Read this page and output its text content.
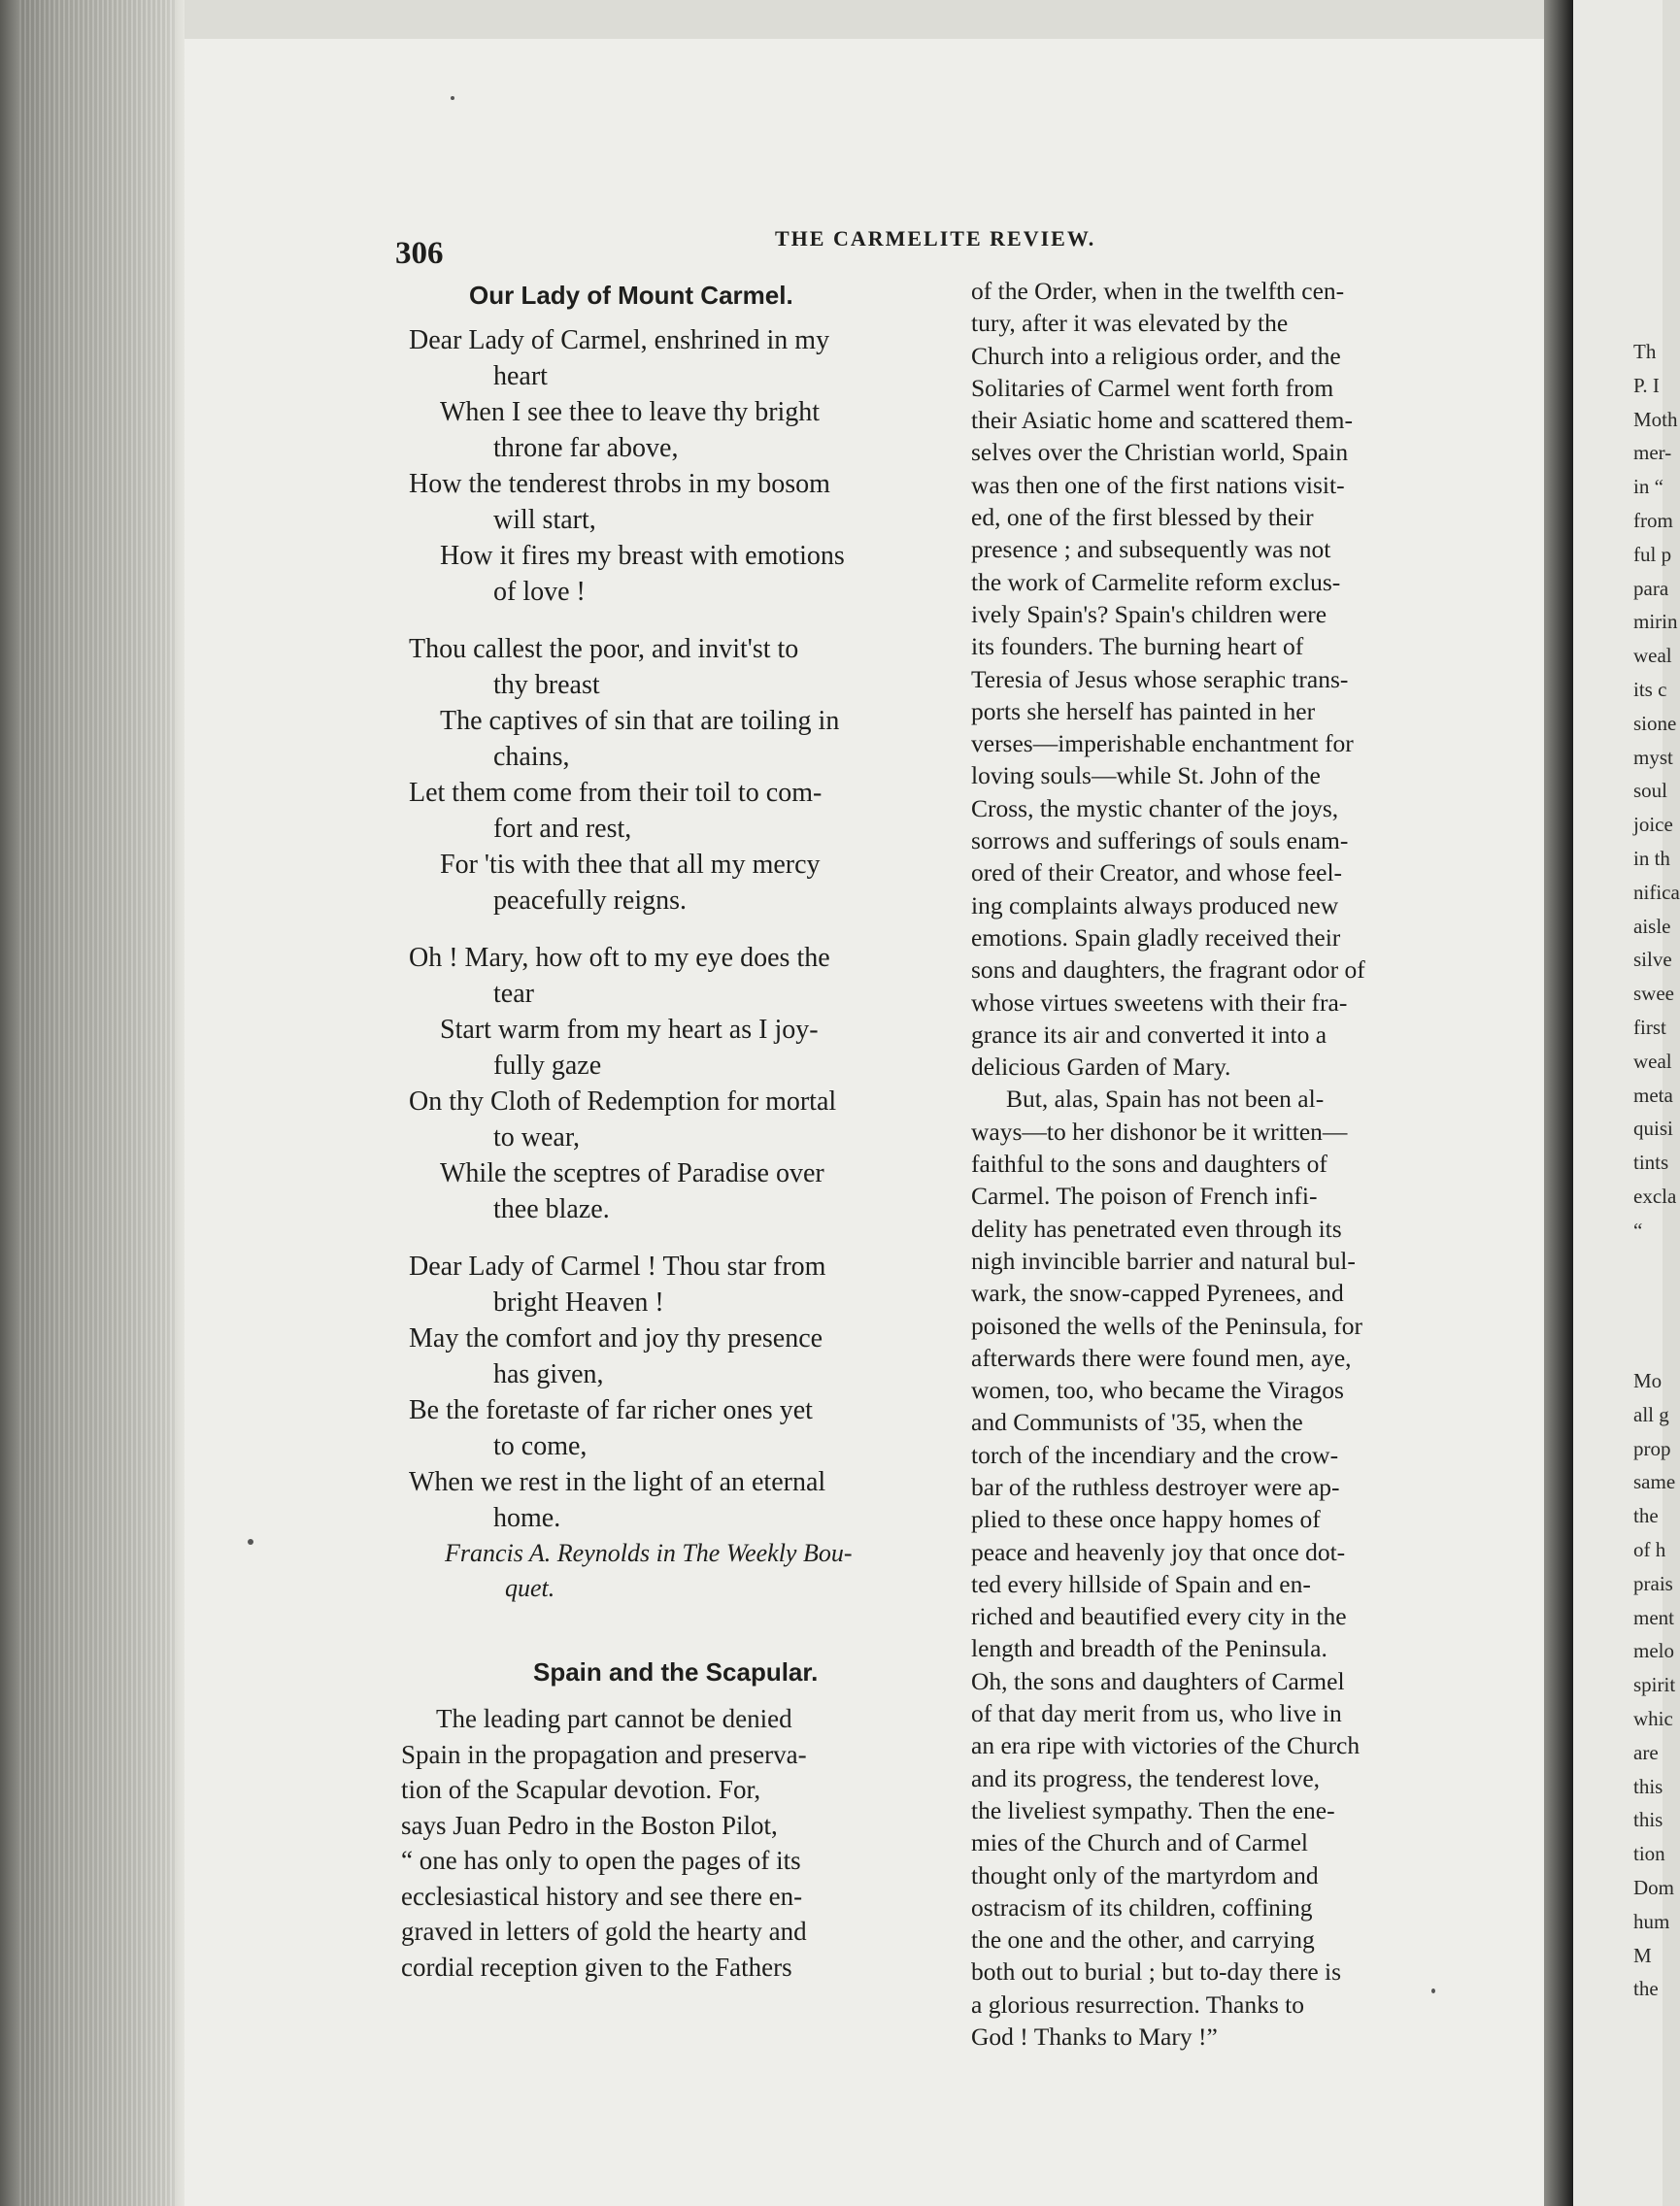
Th
P. I
Moth
mer-
in “
from
ful p
para
mirin
weal
its c
sione
myst
soul
joice
in th
nifica
aisle
silve
swee
first
weal
meta
quisi
tints
excla
“
Mo
all g
prop
same
the
of h
prais
ment
melo
spirit
whic
are
this
this
tion
Dom
hum
M
the
306	THE CARMELITE REVIEW.
Our Lady of Mount Carmel.
Dear Lady of Carmel, enshrined in my
heart
When I see thee to leave thy bright
throne far above,
How the tenderest throbs in my bosom
will start,
How it fires my breast with emotions
of love !
Thou callest the poor, and invit'st to
thy breast
The captives of sin that are toiling in
chains,
Let them come from their toil to com-
fort and rest,
For 'tis with thee that all my mercy
peacefully reigns.
Oh ! Mary, how oft to my eye does the
tear
Start warm from my heart as I joy-
fully gaze
On thy Cloth of Redemption for mortal
to wear,
While the sceptres of Paradise over
thee blaze.
Dear Lady of Carmel ! Thou star from
bright Heaven !
May the comfort and joy thy presence
has given,
Be the foretaste of far richer ones yet
to come,
When we rest in the light of an eternal
home.
Francis A. Reynolds in The Weekly Bou-
quet.
Spain and the Scapular.
The leading part cannot be denied
Spain in the propagation and preserva-
tion of the Scapular devotion. For,
says Juan Pedro in the Boston Pilot,
“ one has only to open the pages of its
ecclesiastical history and see there en-
graved in letters of gold the hearty and
cordial reception given to the Fathers
of the Order, when in the twelfth cen-
tury, after it was elevated by the
Church into a religious order, and the
Solitaries of Carmel went forth from
their Asiatic home and scattered them-
selves over the Christian world, Spain
was then one of the first nations visit-
ed, one of the first blessed by their
presence ; and subsequently was not
the work of Carmelite reform exclus-
ively Spain's? Spain's children were
its founders. The burning heart of
Teresia of Jesus whose seraphic trans-
ports she herself has painted in her
verses—imperishable enchantment for
loving souls—while St. John of the
Cross, the mystic chanter of the joys,
sorrows and sufferings of souls enam-
ored of their Creator, and whose feel-
ing complaints always produced new
emotions. Spain gladly received their
sons and daughters, the fragrant odor of
whose virtues sweetens with their fra-
grance its air and converted it into a
delicious Garden of Mary.
But, alas, Spain has not been al-
ways—to her dishonor be it written—
faithful to the sons and daughters of
Carmel. The poison of French infi-
delity has penetrated even through its
nigh invincible barrier and natural bul-
wark, the snow-capped Pyrenees, and
poisoned the wells of the Peninsula, for
afterwards there were found men, aye,
women, too, who became the Viragos
and Communists of '35, when the
torch of the incendiary and the crow-
bar of the ruthless destroyer were ap-
plied to these once happy homes of
peace and heavenly joy that once dot-
ted every hillside of Spain and en-
riched and beautified every city in the
length and breadth of the Peninsula.
Oh, the sons and daughters of Carmel
of that day merit from us, who live in
an era ripe with victories of the Church
and its progress, the tenderest love,
the liveliest sympathy. Then the ene-
mies of the Church and of Carmel
thought only of the martyrdom and
ostracism of its children, coffining
the one and the other, and carrying
both out to burial ; but to-day there is
a glorious resurrection. Thanks to
God ! Thanks to Mary !”
